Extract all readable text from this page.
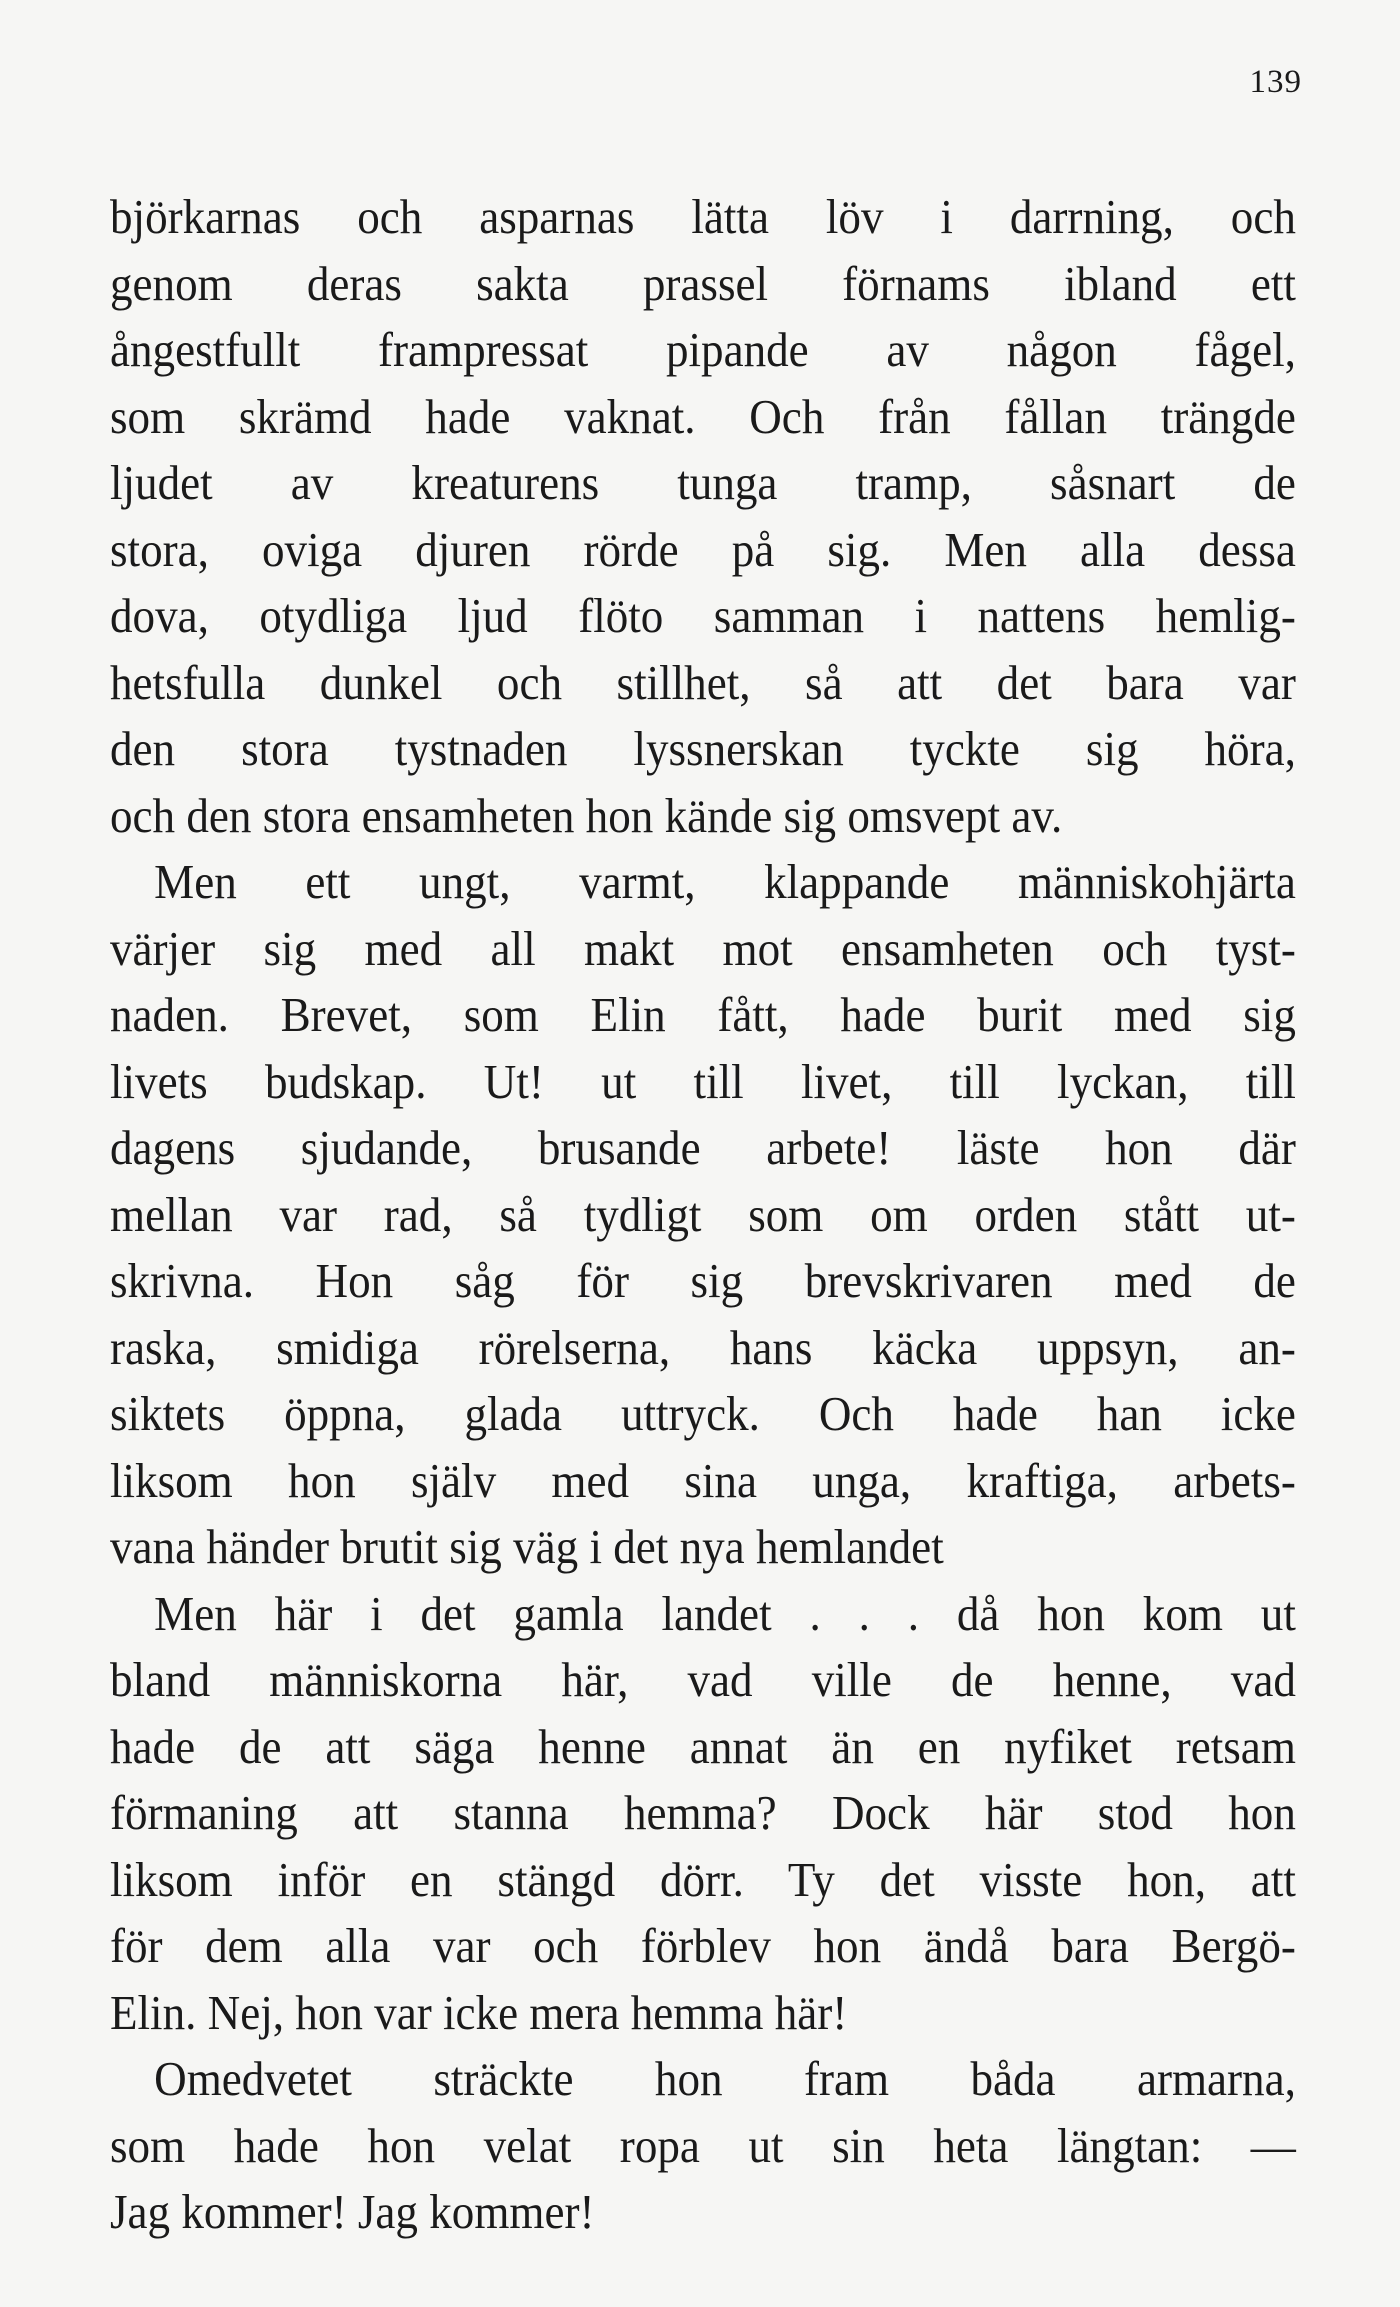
139
björkarnas och asparnas lätta löv i darrning, och
genom deras sakta prassel förnams ibland ett
ångestfullt frampressat pipande av någon fågel,
som skrämd hade vaknat. Och från fållan trängde
ljudet av kreaturens tunga tramp, såsnart de
stora, oviga djuren rörde på sig. Men alla dessa
dova, otydliga ljud flöto samman i nattens hemlig-
hetsfulla dunkel och stillhet, så att det bara var
den stora tystnaden lyssnerskan tyckte sig höra,
och den stora ensamheten hon kände sig omsvept av.
Men ett ungt, varmt, klappande människohjärta
värjer sig med all makt mot ensamheten och tyst-
naden. Brevet, som Elin fått, hade burit med sig
livets budskap. Ut! ut till livet, till lyckan, till
dagens sjudande, brusande arbete! läste hon där
mellan var rad, så tydligt som om orden stått ut-
skrivna. Hon såg för sig brevskrivaren med de
raska, smidiga rörelserna, hans käcka uppsyn, an-
siktets öppna, glada uttryck. Och hade han icke
liksom hon själv med sina unga, kraftiga, arbets-
vana händer brutit sig väg i det nya hemlandet
Men här i det gamla landet . . . då hon kom ut
bland människorna här, vad ville de henne, vad
hade de att säga henne annat än en nyfiket retsam
förmaning att stanna hemma? Dock här stod hon
liksom inför en stängd dörr. Ty det visste hon, att
för dem alla var och förblev hon ändå bara Bergö-
Elin. Nej, hon var icke mera hemma här!
Omedvetet sträckte hon fram båda armarna,
som hade hon velat ropa ut sin heta längtan: —
Jag kommer! Jag kommer!
